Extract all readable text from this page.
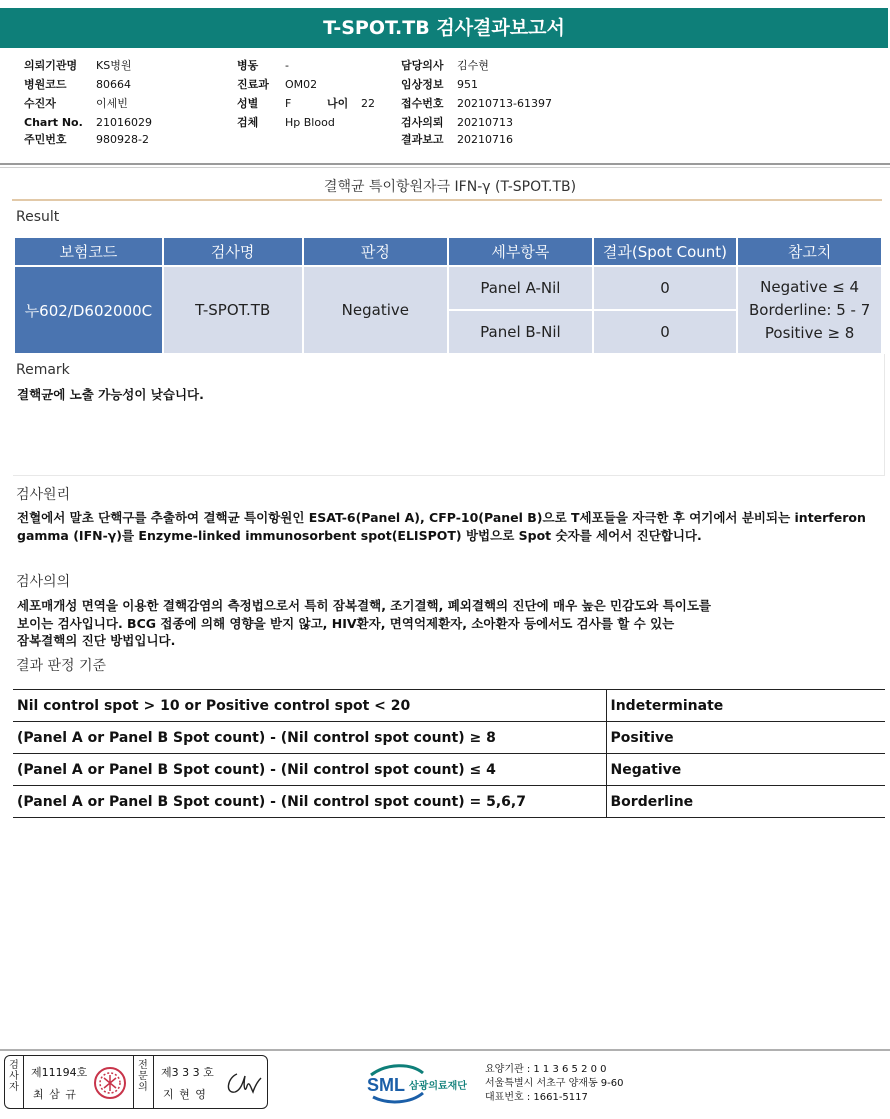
T-SPOT.TB 검사결과보고서
의뢰기관명 KS병원
병원코드	80664
수진자	이세빈
Chart No. 21016029
주민번호	980928-2
병동 -
진료과 OM02
성별 F	나이 22
검체 Hp Blood
담당의사 김수현
임상정보 951
접수번호 20210713-61397
검사의뢰 20210713
결과보고 20210716
결핵균 특이항원자극 IFN-γ (T-SPOT.TB)
Result
보험코드	검사명	판정	세부항목	결과(Spot Count)	참고치
누602/D602000C	T-SPOT.TB	Negative	Panel A-Nil	0	Negative ≤ 4
Borderline: 5 - 7
Positive ≥ 8

			Panel B-Nil	0	
Remark
결핵균에 노출 가능성이 낮습니다.
검사원리
전혈에서 말초 단핵구를 추출하여 결핵균 특이항원인 ESAT-6(Panel A), CFP-10(Panel B)으로 T세포들을 자극한 후 여기에서 분비되는 interferon
gamma (IFN-γ)를 Enzyme-linked immunosorbent spot(ELISPOT) 방법으로 Spot 숫자를 세어서 진단합니다.
검사의의
세포매개성 면역을 이용한 결핵감염의 측정법으로서 특히 잠복결핵, 조기결핵, 폐외결핵의 진단에 매우 높은 민감도와 특이도를
보이는 검사입니다. BCG 접종에 의해 영향을 받지 않고, HIV환자, 면역억제환자, 소아환자 등에서도 검사를 할 수 있는
잠복결핵의 진단 방법입니다.
결과 판정 기준
Nil control spot > 10 or Positive control spot < 20	Indeterminate
(Panel A or Panel B Spot count) - (Nil control spot count) ≥ 8	Positive
(Panel A or Panel B Spot count) - (Nil control spot count) ≤ 4	Negative
(Panel A or Panel B Spot count) - (Nil control spot count) = 5,6,7	Borderline
검
사
자
제11194호
최 삼 규
전
문
의
제3 3 3 호
지 현 영	SML 삼광의료재단
요양기관 : 1 1 3 6 5 2 0 0
서울특별시 서초구 양재동 9-60
대표번호 : 1661-5117
